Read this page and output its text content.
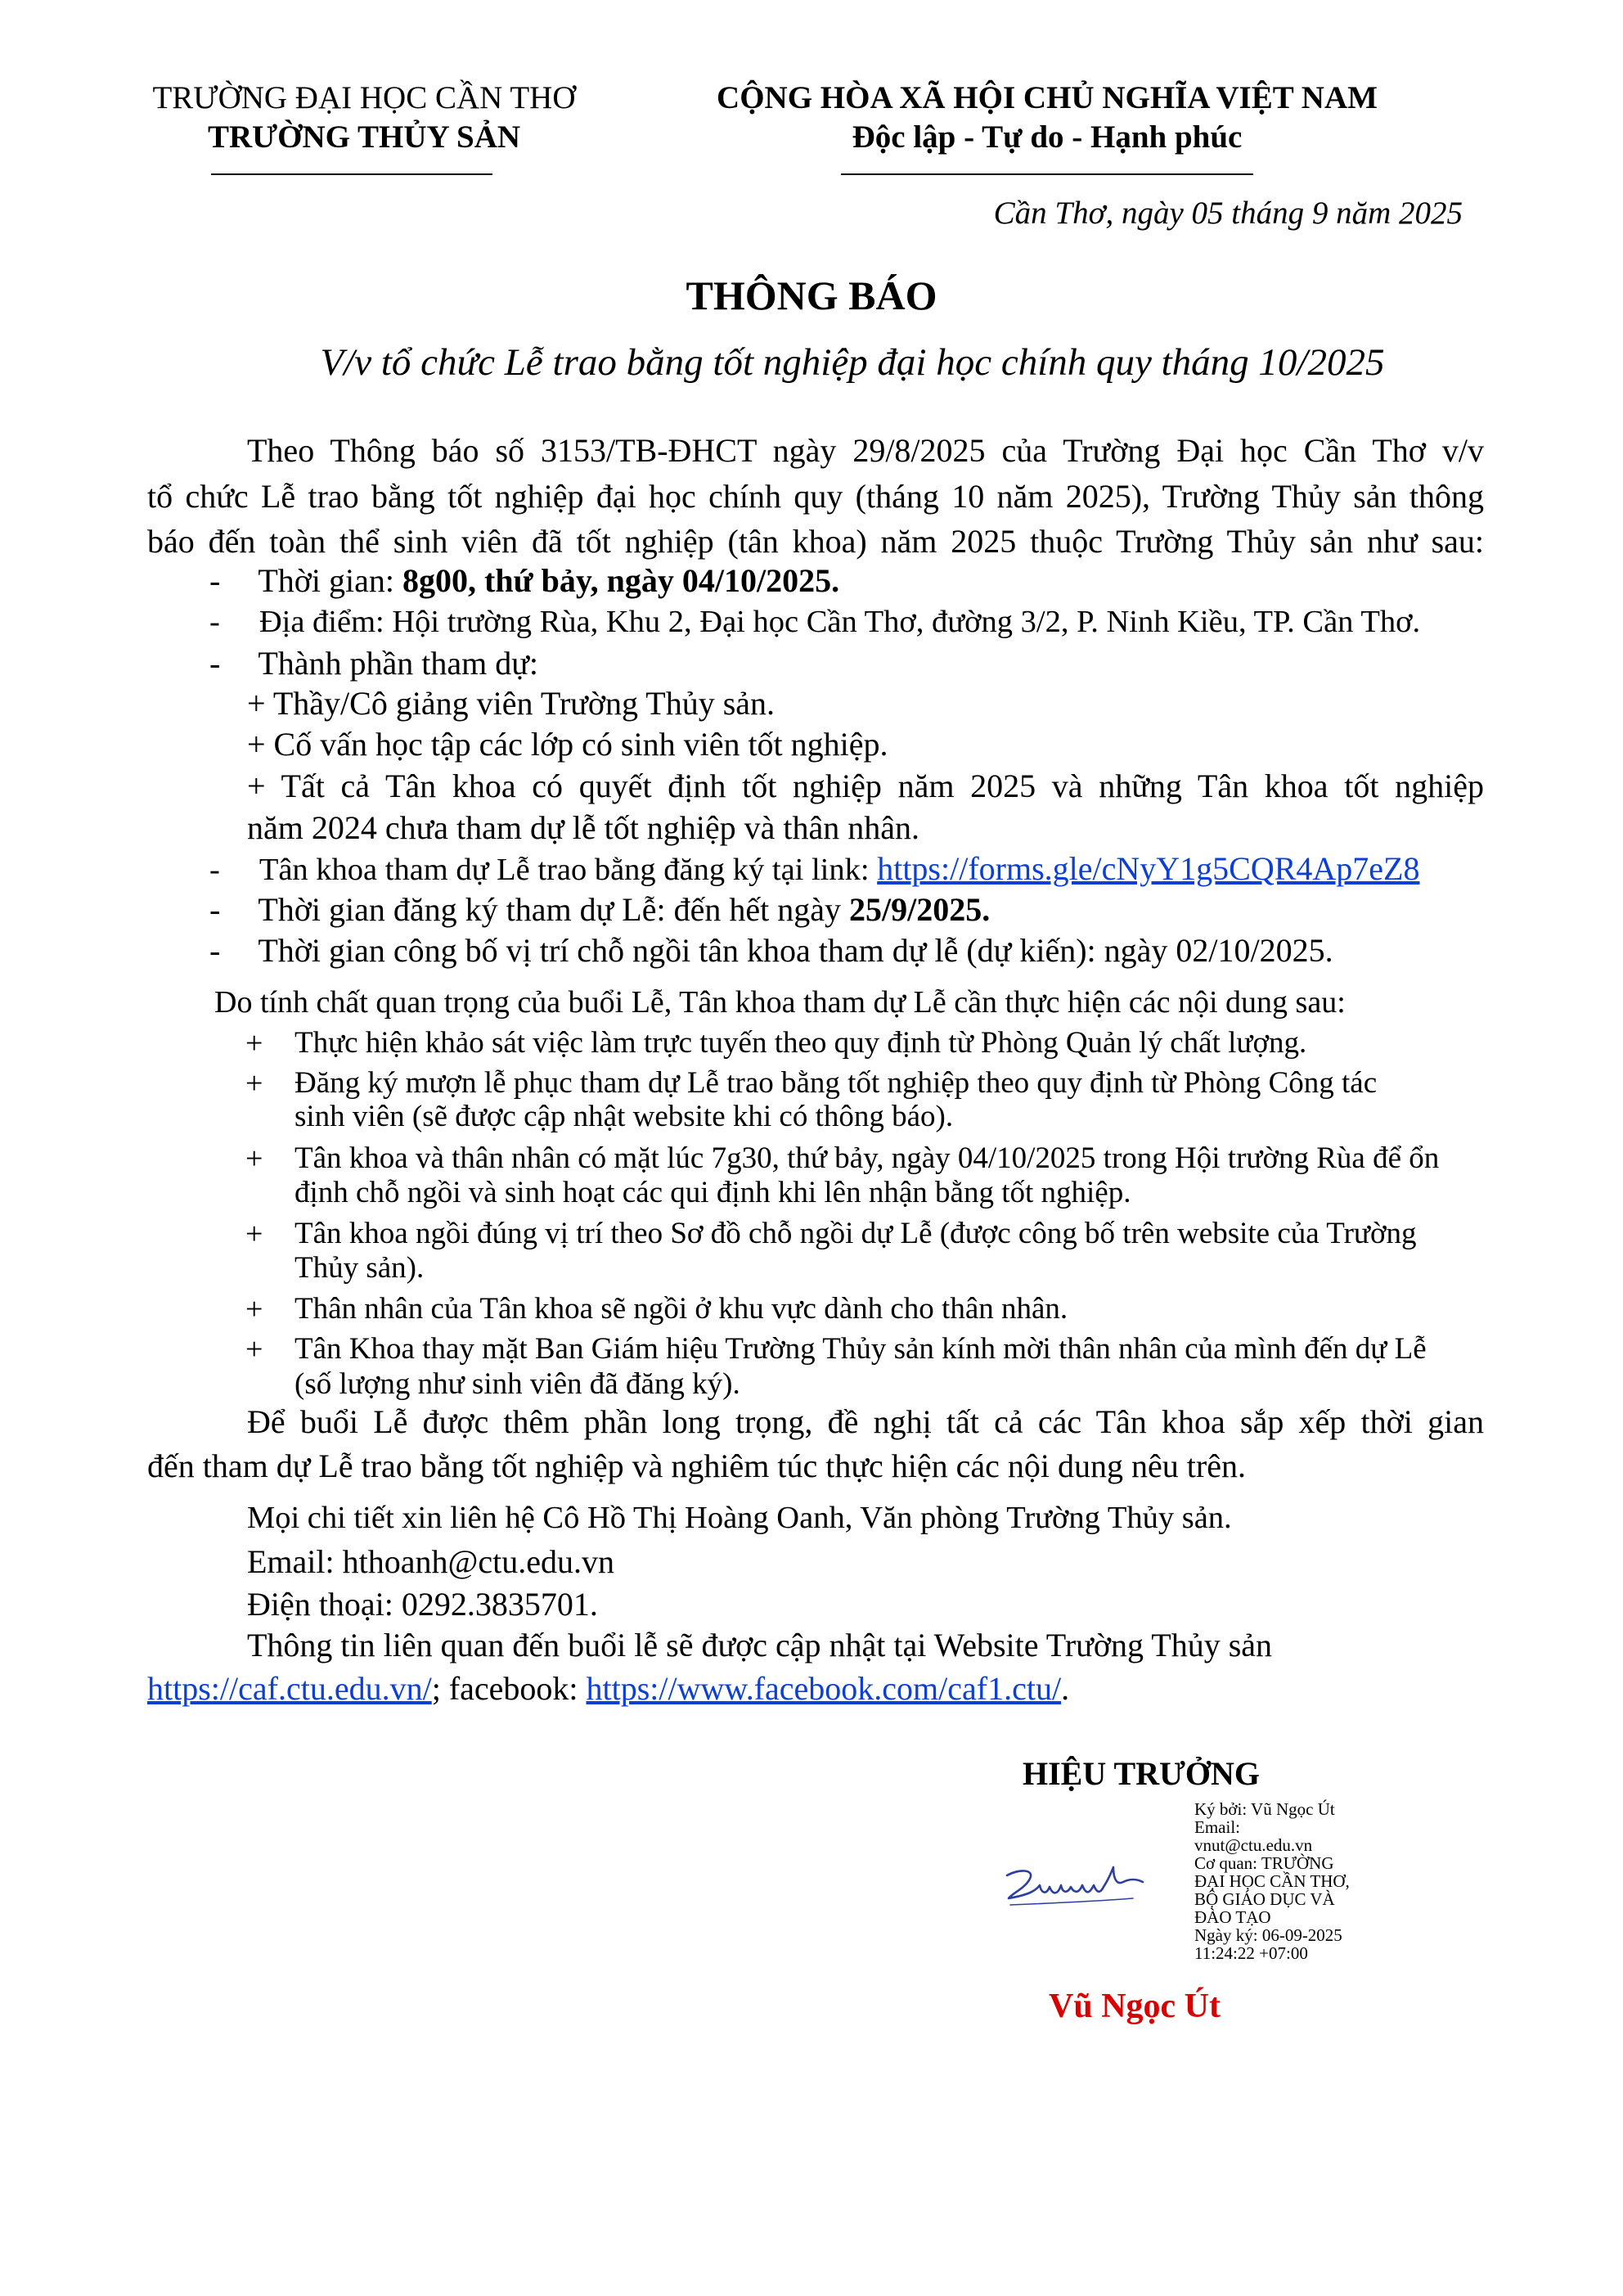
TRƯỜNG ĐẠI HỌC CẦN THƠ
TRƯỜNG THỦY SẢN
CỘNG HÒA XÃ HỘI CHỦ NGHĨA VIỆT NAM
Độc lập - Tự do - Hạnh phúc
Cần Thơ, ngày 05 tháng 9 năm 2025
THÔNG BÁO
V/v tổ chức Lễ trao bằng tốt nghiệp đại học chính quy tháng 10/2025
Theo Thông báo số 3153/TB-ĐHCT ngày 29/8/2025 của Trường Đại học Cần Thơ v/v
tổ chức Lễ trao bằng tốt nghiệp đại học chính quy (tháng 10 năm 2025), Trường Thủy sản thông
báo đến toàn thể sinh viên đã tốt nghiệp (tân khoa) năm 2025 thuộc Trường Thủy sản như sau:
- Thời gian: 8g00, thứ bảy, ngày 04/10/2025.
- Địa điểm: Hội trường Rùa, Khu 2, Đại học Cần Thơ, đường 3/2, P. Ninh Kiều, TP. Cần Thơ.
- Thành phần tham dự:
+ Thầy/Cô giảng viên Trường Thủy sản.
+ Cố vấn học tập các lớp có sinh viên tốt nghiệp.
+ Tất cả Tân khoa có quyết định tốt nghiệp năm 2025 và những Tân khoa tốt nghiệp
năm 2024 chưa tham dự lễ tốt nghiệp và thân nhân.
- Tân khoa tham dự Lễ trao bằng đăng ký tại link: https://forms.gle/cNyY1g5CQR4Ap7eZ8
- Thời gian đăng ký tham dự Lễ: đến hết ngày 25/9/2025.
- Thời gian công bố vị trí chỗ ngồi tân khoa tham dự lễ (dự kiến): ngày 02/10/2025.
Do tính chất quan trọng của buổi Lễ, Tân khoa tham dự Lễ cần thực hiện các nội dung sau:
+ Thực hiện khảo sát việc làm trực tuyến theo quy định từ Phòng Quản lý chất lượng.
+ Đăng ký mượn lễ phục tham dự Lễ trao bằng tốt nghiệp theo quy định từ Phòng Công tác
sinh viên (sẽ được cập nhật website khi có thông báo).
+ Tân khoa và thân nhân có mặt lúc 7g30, thứ bảy, ngày 04/10/2025 trong Hội trường Rùa để ổn
định chỗ ngồi và sinh hoạt các qui định khi lên nhận bằng tốt nghiệp.
+ Tân khoa ngồi đúng vị trí theo Sơ đồ chỗ ngồi dự Lễ (được công bố trên website của Trường
Thủy sản).
+ Thân nhân của Tân khoa sẽ ngồi ở khu vực dành cho thân nhân.
+ Tân Khoa thay mặt Ban Giám hiệu Trường Thủy sản kính mời thân nhân của mình đến dự Lễ
(số lượng như sinh viên đã đăng ký).
Để buổi Lễ được thêm phần long trọng, đề nghị tất cả các Tân khoa sắp xếp thời gian
đến tham dự Lễ trao bằng tốt nghiệp và nghiêm túc thực hiện các nội dung nêu trên.
Mọi chi tiết xin liên hệ Cô Hồ Thị Hoàng Oanh, Văn phòng Trường Thủy sản.
Email: hthoanh@ctu.edu.vn
Điện thoại: 0292.3835701.
Thông tin liên quan đến buổi lễ sẽ được cập nhật tại Website Trường Thủy sản
https://caf.ctu.edu.vn/; facebook: https://www.facebook.com/caf1.ctu/.
HIỆU TRƯỞNG
Ký bởi: Vũ Ngọc Út
Email:
vnut@ctu.edu.vn
Cơ quan: TRƯỜNG
ĐẠI HỌC CẦN THƠ,
BỘ GIÁO DỤC VÀ
ĐÀO TẠO
Ngày ký: 06-09-2025
11:24:22 +07:00
Vũ Ngọc Út
